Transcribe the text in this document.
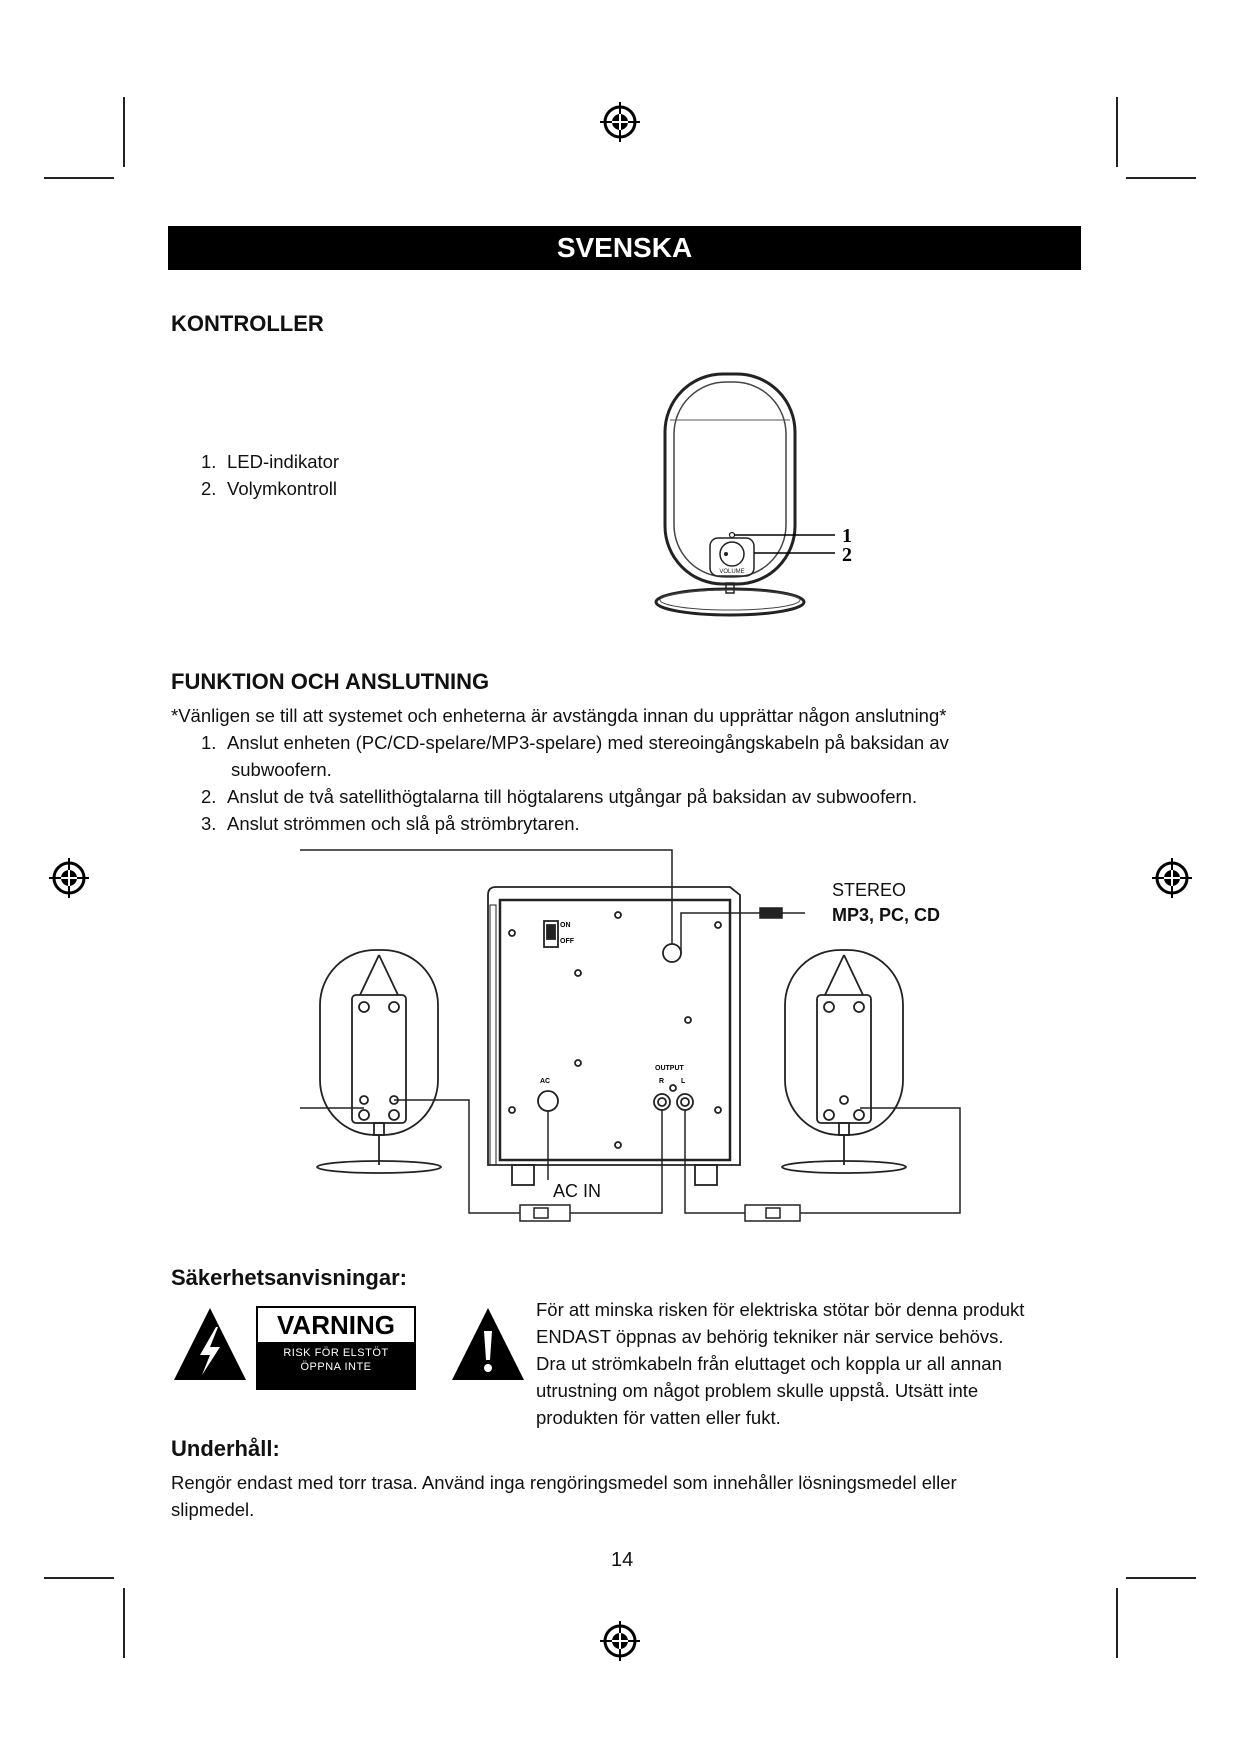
SVENSKA
KONTROLLER
1. LED-indikator
2. Volymkontroll
VOLUME
1
2
FUNKTION OCH ANSLUTNING
*Vänligen se till att systemet och enheterna är avstängda innan du upprättar någon anslutning*
1. Anslut enheten (PC/CD-spelare/MP3-spelare) med stereoingångskabeln på baksidan av
subwoofern.
2. Anslut de två satellithögtalarna till högtalarens utgångar på baksidan av subwoofern.
3. Anslut strömmen och slå på strömbrytaren.
ON
OFF
AC
OUTPUT
R L
AC IN
STEREO
MP3, PC, CD
Säkerhetsanvisningar:
VARNING
RISK FÖR ELSTÖT
ÖPPNA INTE
För att minska risken för elektriska stötar bör denna produkt
ENDAST öppnas av behörig tekniker när service behövs.
Dra ut strömkabeln från eluttaget och koppla ur all annan
utrustning om något problem skulle uppstå. Utsätt inte
produkten för vatten eller fukt.
Underhåll:
Rengör endast med torr trasa. Använd inga rengöringsmedel som innehåller lösningsmedel eller
slipmedel.
14
